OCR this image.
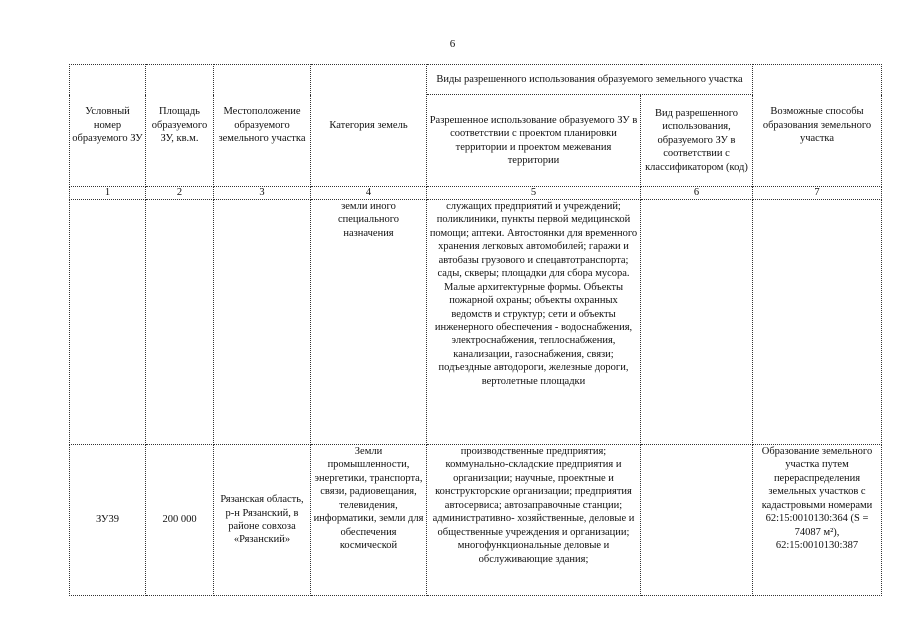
6
Условный номер образуемого ЗУ	Площадь образуемого ЗУ, кв.м.	Местоположение образуемого земельного участка	Категория земель	Виды разрешенного использования образуемого земельного участка		Возможные способы образования земельного участка
				Разрешенное использование образуемого ЗУ в соответствии с проектом планировки территории и проектом межевания территории	Вид разрешенного использования, образуемого ЗУ в соответствии с классификатором (код)	
1	2	3	4	5	6	7

			земли иного специального назначения	служащих предприятий и учреждений; поликлиники, пункты первой медицинской помощи; аптеки. Автостоянки для временного хранения легковых автомобилей; гаражи и автобазы грузового и спецавтотранспорта; сады, скверы; площадки для сбора мусора. Малые архитектурные формы. Объекты пожарной охраны; объекты охранных ведомств и структур; сети и объекты инженерного обеспечения - водоснабжения, электроснабжения, теплоснабжения, канализации, газоснабжения, связи; подъездные автодороги, железные дороги, вертолетные площадки		

ЗУ39	200 000	Рязанская область, р-н Рязанский, в районе совхоза «Рязанский»	Земли промышленности, энергетики, транспорта, связи, радиовещания, телевидения, информатики, земли для обеспечения космической	производственные предприятия; коммунально-складские предприятия и организации; научные, проектные и конструкторские организации; предприятия автосервиса; автозаправочные станции; административно- хозяйственные, деловые и общественные учреждения и организации; многофункциональные деловые и обслуживающие здания;		Образование земельного участка путем перераспределения земельных участков с кадастровыми номерами 62:15:0010130:364 (S = 74087 м²), 62:15:0010130:387
